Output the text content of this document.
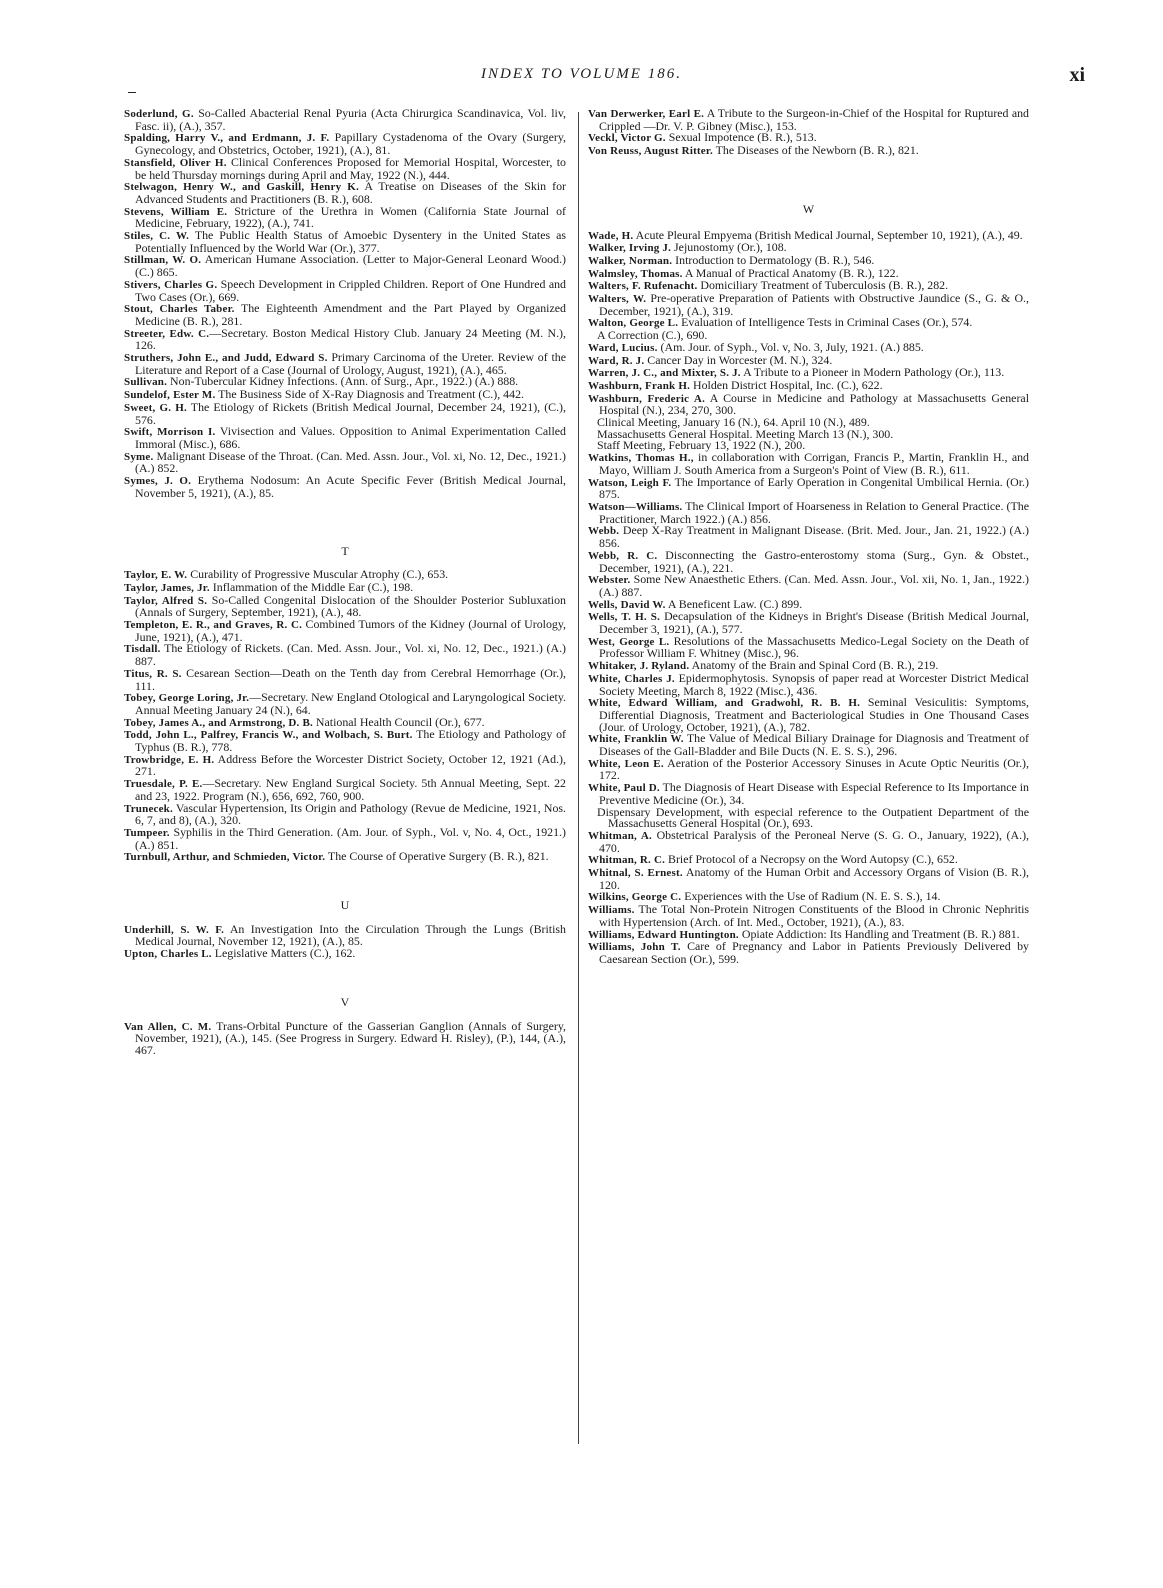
INDEX TO VOLUME 186.	xi

Soderlund, G. So-Called Abacterial Renal Pyuria (Acta Chirurgica Scandinavica, Vol. liv, Fasc. ii), (A.), 357.

Spalding, Harry V., and Erdmann, J. F. Papillary Cystadenoma of the Ovary (Surgery, Gynecology, and Obstetrics, October, 1921), (A.), 81.

Stansfield, Oliver H. Clinical Conferences Proposed for Memorial Hospital, Worcester, to be held Thursday mornings during April and May, 1922 (N.), 444.

Stelwagon, Henry W., and Gaskill, Henry K. A Treatise on Diseases of the Skin for Advanced Students and Practitioners (B. R.), 608.

Stevens, William E. Stricture of the Urethra in Women (California State Journal of Medicine, February, 1922), (A.), 741.

Stiles, C. W. The Public Health Status of Amoebic Dysentery in the United States as Potentially Influenced by the World War (Or.), 377.

Stillman, W. O. American Humane Association. (Letter to Major-General Leonard Wood.) (C.) 865.

Stivers, Charles G. Speech Development in Crippled Children. Report of One Hundred and Two Cases (Or.), 669.

Stout, Charles Taber. The Eighteenth Amendment and the Part Played by Organized Medicine (B. R.), 281.

Streeter, Edw. C.—Secretary. Boston Medical History Club. January 24 Meeting (M. N.), 126.

Struthers, John E., and Judd, Edward S. Primary Carcinoma of the Ureter. Review of the Literature and Report of a Case (Journal of Urology, August, 1921), (A.), 465.

Sullivan. Non-Tubercular Kidney Infections. (Ann. of Surg., Apr., 1922.) (A.) 888.

Sundelof, Ester M. The Business Side of X-Ray Diagnosis and Treatment (C.), 442.

Sweet, G. H. The Etiology of Rickets (British Medical Journal, December 24, 1921), (C.), 576.

Swift, Morrison I. Vivisection and Values. Opposition to Animal Experimentation Called Immoral (Misc.), 686.

Syme. Malignant Disease of the Throat. (Can. Med. Assn. Jour., Vol. xi, No. 12, Dec., 1921.) (A.) 852.

Symes, J. O. Erythema Nodosum: An Acute Specific Fever (British Medical Journal, November 5, 1921), (A.), 85.

T

Taylor, E. W. Curability of Progressive Muscular Atrophy (C.), 653.

Taylor, James, Jr. Inflammation of the Middle Ear (C.), 198.

Taylor, Alfred S. So-Called Congenital Dislocation of the Shoulder Posterior Subluxation (Annals of Surgery, September, 1921), (A.), 48.

Templeton, E. R., and Graves, R. C. Combined Tumors of the Kidney (Journal of Urology, June, 1921), (A.), 471.

Tisdall. The Etiology of Rickets. (Can. Med. Assn. Jour., Vol. xi, No. 12, Dec., 1921.) (A.) 887.

Titus, R. S. Cesarean Section—Death on the Tenth day from Cerebral Hemorrhage (Or.), 111.

Tobey, George Loring, Jr.—Secretary. New England Otological and Laryngological Society. Annual Meeting January 24 (N.), 64.

Tobey, James A., and Armstrong, D. B. National Health Council (Or.), 677.

Todd, John L., Palfrey, Francis W., and Wolbach, S. Burt. The Etiology and Pathology of Typhus (B. R.), 778.

Trowbridge, E. H. Address Before the Worcester District Society, October 12, 1921 (Ad.), 271.

Truesdale, P. E.—Secretary. New England Surgical Society. 5th Annual Meeting, Sept. 22 and 23, 1922. Program (N.), 656, 692, 760, 900.

Trunecek. Vascular Hypertension, Its Origin and Pathology (Revue de Medicine, 1921, Nos. 6, 7, and 8), (A.), 320.

Tumpeer. Syphilis in the Third Generation. (Am. Jour. of Syph., Vol. v, No. 4, Oct., 1921.) (A.) 851.

Turnbull, Arthur, and Schmieden, Victor. The Course of Operative Surgery (B. R.), 821.

U

Underhill, S. W. F. An Investigation Into the Circulation Through the Lungs (British Medical Journal, November 12, 1921), (A.), 85.

Upton, Charles L. Legislative Matters (C.), 162.

V

Van Allen, C. M. Trans-Orbital Puncture of the Gasserian Ganglion (Annals of Surgery, November, 1921), (A.), 145. (See Progress in Surgery. Edward H. Risley), (P.), 144, (A.), 467.

Van Derwerker, Earl E. A Tribute to the Surgeon-in-Chief of the Hospital for Ruptured and Crippled —Dr. V. P. Gibney (Misc.), 153.

Veckl, Victor G. Sexual Impotence (B. R.), 513.

Von Reuss, August Ritter. The Diseases of the Newborn (B. R.), 821.

W

Wade, H. Acute Pleural Empyema (British Medical Journal, September 10, 1921), (A.), 49.

Walker, Irving J. Jejunostomy (Or.), 108.

Walker, Norman. Introduction to Dermatology (B. R.), 546.

Walmsley, Thomas. A Manual of Practical Anatomy (B. R.), 122.

Walters, F. Rufenacht. Domiciliary Treatment of Tuberculosis (B. R.), 282.

Walters, W. Pre-operative Preparation of Patients with Obstructive Jaundice (S., G. & O., December, 1921), (A.), 319.

Walton, George L. Evaluation of Intelligence Tests in Criminal Cases (Or.), 574.

A Correction (C.), 690.

Ward, Lucius. (Am. Jour. of Syph., Vol. v, No. 3, July, 1921. (A.) 885.

Ward, R. J. Cancer Day in Worcester (M. N.), 324.

Warren, J. C., and Mixter, S. J. A Tribute to a Pioneer in Modern Pathology (Or.), 113.

Washburn, Frank H. Holden District Hospital, Inc. (C.), 622.

Washburn, Frederic A. A Course in Medicine and Pathology at Massachusetts General Hospital (N.), 234, 270, 300.

Clinical Meeting, January 16 (N.), 64. April 10 (N.), 489.

Massachusetts General Hospital. Meeting March 13 (N.), 300.

Staff Meeting, February 13, 1922 (N.), 200.

Watkins, Thomas H., in collaboration with Corrigan, Francis P., Martin, Franklin H., and Mayo, William J. South America from a Surgeon's Point of View (B. R.), 611.

Watson, Leigh F. The Importance of Early Operation in Congenital Umbilical Hernia. (Or.) 875.

Watson—Williams. The Clinical Import of Hoarseness in Relation to General Practice. (The Practitioner, March 1922.) (A.) 856.

Webb. Deep X-Ray Treatment in Malignant Disease. (Brit. Med. Jour., Jan. 21, 1922.) (A.) 856.

Webb, R. C. Disconnecting the Gastro-enterostomy stoma (Surg., Gyn. & Obstet., December, 1921), (A.), 221.

Webster. Some New Anaesthetic Ethers. (Can. Med. Assn. Jour., Vol. xii, No. 1, Jan., 1922.) (A.) 887.

Wells, David W. A Beneficent Law. (C.) 899.

Wells, T. H. S. Decapsulation of the Kidneys in Bright's Disease (British Medical Journal, December 3, 1921), (A.), 577.

West, George L. Resolutions of the Massachusetts Medico-Legal Society on the Death of Professor William F. Whitney (Misc.), 96.

Whitaker, J. Ryland. Anatomy of the Brain and Spinal Cord (B. R.), 219.

White, Charles J. Epidermophytosis. Synopsis of paper read at Worcester District Medical Society Meeting, March 8, 1922 (Misc.), 436.

White, Edward William, and Gradwohl, R. B. H. Seminal Vesiculitis: Symptoms, Differential Diagnosis, Treatment and Bacteriological Studies in One Thousand Cases (Jour. of Urology, October, 1921), (A.), 782.

White, Franklin W. The Value of Medical Biliary Drainage for Diagnosis and Treatment of Diseases of the Gall-Bladder and Bile Ducts (N. E. S. S.), 296.

White, Leon E. Aeration of the Posterior Accessory Sinuses in Acute Optic Neuritis (Or.), 172.

White, Paul D. The Diagnosis of Heart Disease with Especial Reference to Its Importance in Preventive Medicine (Or.), 34.

Dispensary Development, with especial reference to the Outpatient Department of the Massachusetts General Hospital (Or.), 693.

Whitman, A. Obstetrical Paralysis of the Peroneal Nerve (S. G. O., January, 1922), (A.), 470.

Whitman, R. C. Brief Protocol of a Necropsy on the Word Autopsy (C.), 652.

Whitnal, S. Ernest. Anatomy of the Human Orbit and Accessory Organs of Vision (B. R.), 120.

Wilkins, George C. Experiences with the Use of Radium (N. E. S. S.), 14.

Williams. The Total Non-Protein Nitrogen Constituents of the Blood in Chronic Nephritis with Hypertension (Arch. of Int. Med., October, 1921), (A.), 83.

Williams, Edward Huntington. Opiate Addiction: Its Handling and Treatment (B. R.) 881.

Williams, John T. Care of Pregnancy and Labor in Patients Previously Delivered by Caesarean Section (Or.), 599.
